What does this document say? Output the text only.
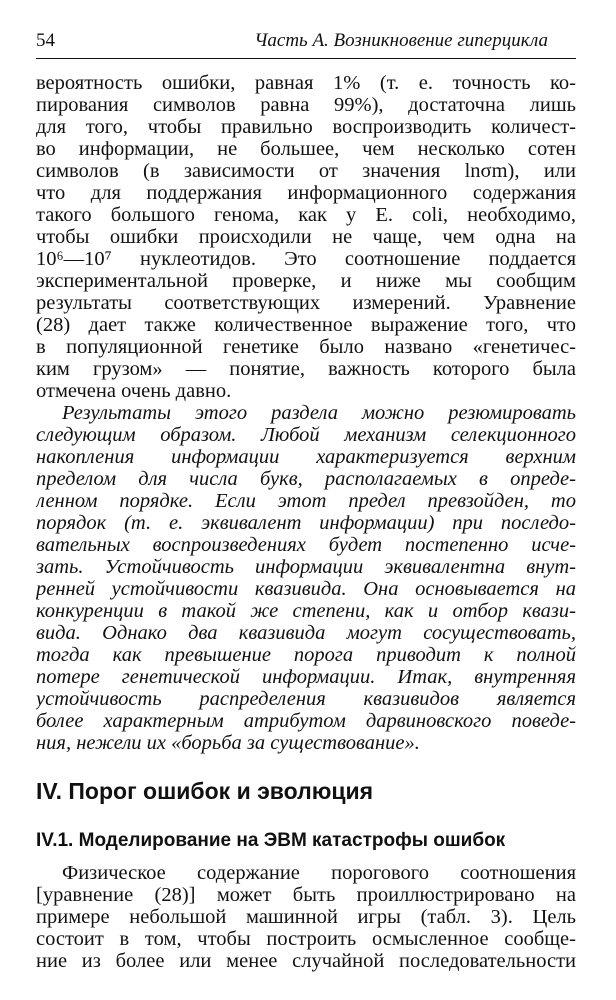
54	Часть А. Возникновение гиперцикла
вероятность ошибки, равная 1% (т. е. точность ко-
пирования символов равна 99%), достаточна лишь
для того, чтобы правильно воспроизводить количест-
во информации, не большее, чем несколько сотен
символов (в зависимости от значения lnσm), или
что для поддержания информационного содержания
такого большого генома, как у E. coli, необходимо,
чтобы ошибки происходили не чаще, чем одна на
10⁶—10⁷ нуклеотидов. Это соотношение поддается
экспериментальной проверке, и ниже мы сообщим
результаты соответствующих измерений. Уравнение
(28) дает также количественное выражение того, что
в популяционной генетике было названо «генетичес-
ким грузом» — понятие, важность которого была
отмечена очень давно.
Результаты этого раздела можно резюмировать
следующим образом. Любой механизм селекционного
накопления информации характеризуется верхним
пределом для числа букв, располагаемых в опреде-
ленном порядке. Если этот предел превзойден, то
порядок (т. е. эквивалент информации) при последо-
вательных воспроизведениях будет постепенно исче-
зать. Устойчивость информации эквивалентна внут-
ренней устойчивости квазивида. Она основывается на
конкуренции в такой же степени, как и отбор квази-
вида. Однако два квазивида могут сосуществовать,
тогда как превышение порога приводит к полной
потере генетической информации. Итак, внутренняя
устойчивость распределения квазивидов является
более характерным атрибутом дарвиновского поведе-
ния, нежели их «борьба за существование».
IV. Порог ошибок и эволюция
IV.1. Моделирование на ЭВМ катастрофы ошибок
Физическое содержание порогового соотношения
[уравнение (28)] может быть проиллюстрировано на
примере небольшой машинной игры (табл. 3). Цель
состоит в том, чтобы построить осмысленное сообще-
ние из более или менее случайной последовательности
